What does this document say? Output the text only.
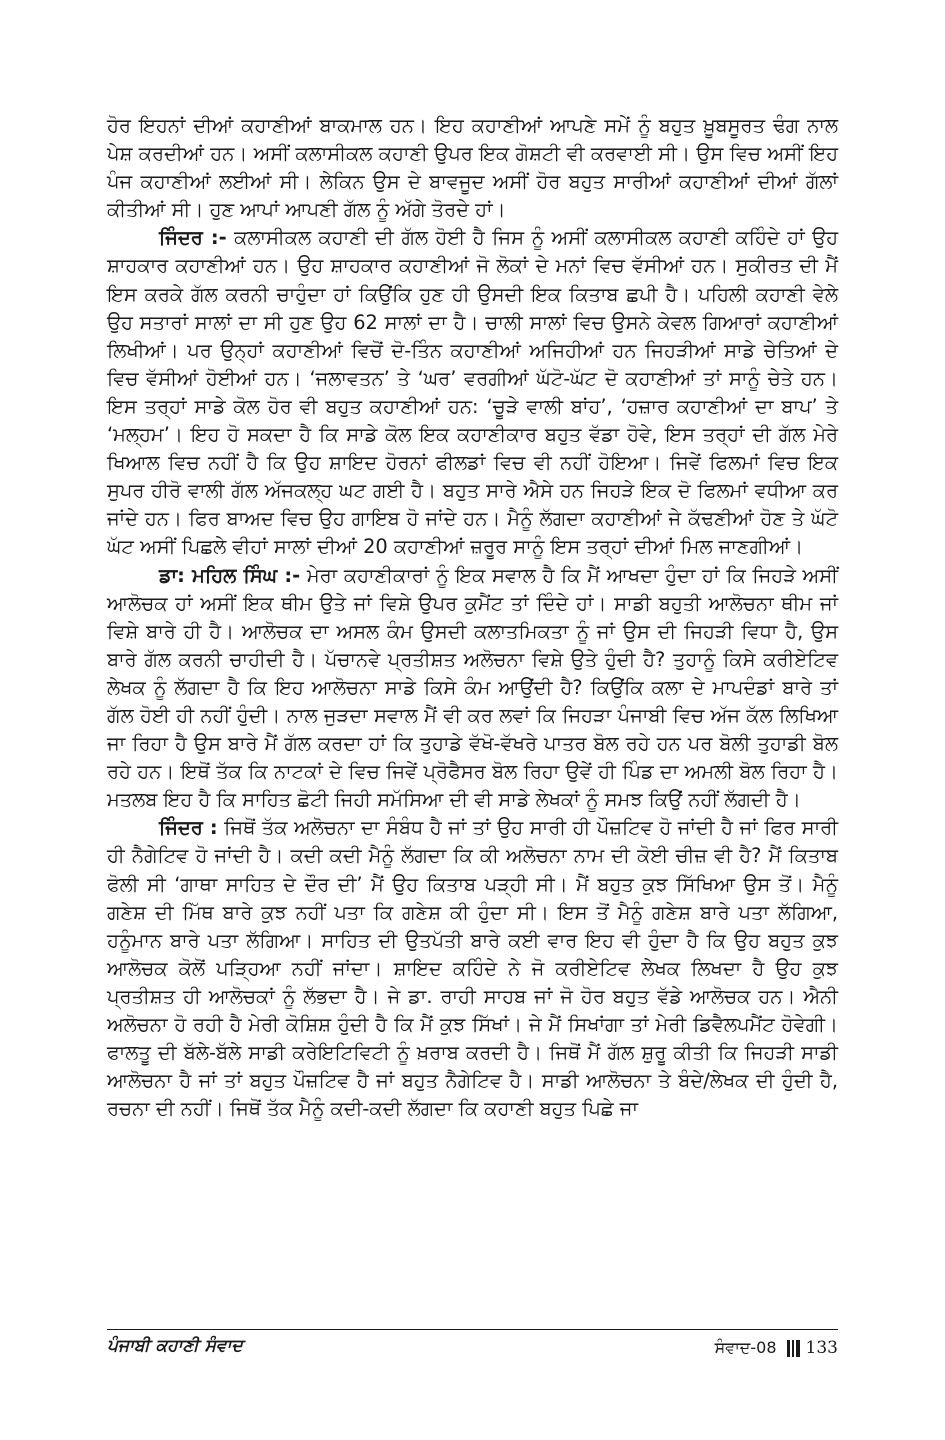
ਹੋਰ ਇਹਨਾਂ ਦੀਆਂ ਕਹਾਣੀਆਂ ਬਾਕਮਾਲ ਹਨ। ਇਹ ਕਹਾਣੀਆਂ ਆਪਣੇ ਸਮੇਂ ਨੂੰ ਬਹੁਤ ਖ਼ੂਬਸੂਰਤ ਢੰਗ ਨਾਲ ਪੇਸ਼ ਕਰਦੀਆਂ ਹਨ। ਅਸੀਂ ਕਲਾਸੀਕਲ ਕਹਾਣੀ ਉਪਰ ਇਕ ਗੋਸ਼ਟੀ ਵੀ ਕਰਵਾਈ ਸੀ। ਉਸ ਵਿਚ ਅਸੀਂ ਇਹ ਪੰਜ ਕਹਾਣੀਆਂ ਲਈਆਂ ਸੀ। ਲੇਕਿਨ ਉਸ ਦੇ ਬਾਵਜੂਦ ਅਸੀਂ ਹੋਰ ਬਹੁਤ ਸਾਰੀਆਂ ਕਹਾਣੀਆਂ ਦੀਆਂ ਗੱਲਾਂ ਕੀਤੀਆਂ ਸੀ। ਹੁਣ ਆਪਾਂ ਆਪਣੀ ਗੱਲ ਨੂੰ ਅੱਗੇ ਤੋਰਦੇ ਹਾਂ।

ਜਿੰਦਰ :- ਕਲਾਸੀਕਲ ਕਹਾਣੀ ਦੀ ਗੱਲ ਹੋਈ ਹੈ ਜਿਸ ਨੂੰ ਅਸੀਂ ਕਲਾਸੀਕਲ ਕਹਾਣੀ ਕਹਿੰਦੇ ਹਾਂ ਉਹ ਸ਼ਾਹਕਾਰ ਕਹਾਣੀਆਂ ਹਨ। ਉਹ ਸ਼ਾਹਕਾਰ ਕਹਾਣੀਆਂ ਜੋ ਲੋਕਾਂ ਦੇ ਮਨਾਂ ਵਿਚ ਵੱਸੀਆਂ ਹਨ। ਸੁਕੀਰਤ ਦੀ ਮੈਂ ਇਸ ਕਰਕੇ ਗੱਲ ਕਰਨੀ ਚਾਹੁੰਦਾ ਹਾਂ ਕਿਉਂਕਿ ਹੁਣ ਹੀ ਉਸਦੀ ਇਕ ਕਿਤਾਬ ਛਪੀ ਹੈ। ਪਹਿਲੀ ਕਹਾਣੀ ਵੇਲੇ ਉਹ ਸਤਾਰਾਂ ਸਾਲਾਂ ਦਾ ਸੀ ਹੁਣ ਉਹ 62 ਸਾਲਾਂ ਦਾ ਹੈ। ਚਾਲੀ ਸਾਲਾਂ ਵਿਚ ਉਸਨੇ ਕੇਵਲ ਗਿਆਰਾਂ ਕਹਾਣੀਆਂ ਲਿਖੀਆਂ। ਪਰ ਉਨ੍ਹਾਂ ਕਹਾਣੀਆਂ ਵਿਚੋਂ ਦੋ-ਤਿੰਨ ਕਹਾਣੀਆਂ ਅਜਿਹੀਆਂ ਹਨ ਜਿਹੜੀਆਂ ਸਾਡੇ ਚੇਤਿਆਂ ਦੇ ਵਿਚ ਵੱਸੀਆਂ ਹੋਈਆਂ ਹਨ। ‘ਜਲਾਵਤਨ’ ਤੇ ‘ਘਰ’ ਵਰਗੀਆਂ ਘੱਟੋ-ਘੱਟ ਦੋ ਕਹਾਣੀਆਂ ਤਾਂ ਸਾਨੂੰ ਚੇਤੇ ਹਨ। ਇਸ ਤਰ੍ਹਾਂ ਸਾਡੇ ਕੋਲ ਹੋਰ ਵੀ ਬਹੁਤ ਕਹਾਣੀਆਂ ਹਨ: ‘ਚੂੜੇ ਵਾਲੀ ਬਾਂਹ’, ‘ਹਜ਼ਾਰ ਕਹਾਣੀਆਂ ਦਾ ਬਾਪ’ ਤੇ ‘ਮਲ੍ਹਮ’। ਇਹ ਹੋ ਸਕਦਾ ਹੈ ਕਿ ਸਾਡੇ ਕੋਲ ਇਕ ਕਹਾਣੀਕਾਰ ਬਹੁਤ ਵੱਡਾ ਹੋਵੇ, ਇਸ ਤਰ੍ਹਾਂ ਦੀ ਗੱਲ ਮੇਰੇ ਖਿਆਲ ਵਿਚ ਨਹੀਂ ਹੈ ਕਿ ਉਹ ਸ਼ਾਇਦ ਹੋਰਨਾਂ ਫੀਲਡਾਂ ਵਿਚ ਵੀ ਨਹੀਂ ਹੋਇਆ। ਜਿਵੇਂ ਫਿਲਮਾਂ ਵਿਚ ਇਕ ਸੁਪਰ ਹੀਰੋ ਵਾਲੀ ਗੱਲ ਅੱਜਕਲ੍ਹ ਘਟ ਗਈ ਹੈ। ਬਹੁਤ ਸਾਰੇ ਐਸੇ ਹਨ ਜਿਹੜੇ ਇਕ ਦੋ ਫਿਲਮਾਂ ਵਧੀਆ ਕਰ ਜਾਂਦੇ ਹਨ। ਫਿਰ ਬਾਅਦ ਵਿਚ ਉਹ ਗਾਇਬ ਹੋ ਜਾਂਦੇ ਹਨ। ਮੈਨੂੰ ਲੱਗਦਾ ਕਹਾਣੀਆਂ ਜੇ ਕੱਢਣੀਆਂ ਹੋਣ ਤੇ ਘੱਟੋ ਘੱਟ ਅਸੀਂ ਪਿਛਲੇ ਵੀਹਾਂ ਸਾਲਾਂ ਦੀਆਂ 20 ਕਹਾਣੀਆਂ ਜ਼ਰੂਰ ਸਾਨੂੰ ਇਸ ਤਰ੍ਹਾਂ ਦੀਆਂ ਮਿਲ ਜਾਣਗੀਆਂ।

ਡਾ: ਮਹਿਲ ਸਿੰਘ :- ਮੇਰਾ ਕਹਾਣੀਕਾਰਾਂ ਨੂੰ ਇਕ ਸਵਾਲ ਹੈ ਕਿ ਮੈਂ ਆਖਦਾ ਹੁੰਦਾ ਹਾਂ ਕਿ ਜਿਹੜੇ ਅਸੀਂ ਆਲੋਚਕ ਹਾਂ ਅਸੀਂ ਇਕ ਥੀਮ ਉਤੇ ਜਾਂ ਵਿਸ਼ੇ ਉਪਰ ਕੁਮੈਂਟ ਤਾਂ ਦਿੰਦੇ ਹਾਂ। ਸਾਡੀ ਬਹੁਤੀ ਆਲੋਚਨਾ ਥੀਮ ਜਾਂ ਵਿਸ਼ੇ ਬਾਰੇ ਹੀ ਹੈ। ਆਲੋਚਕ ਦਾ ਅਸਲ ਕੰਮ ਉਸਦੀ ਕਲਾਤਮਿਕਤਾ ਨੂੰ ਜਾਂ ਉਸ ਦੀ ਜਿਹੜੀ ਵਿਧਾ ਹੈ, ਉਸ ਬਾਰੇ ਗੱਲ ਕਰਨੀ ਚਾਹੀਦੀ ਹੈ। ਪੱਚਾਨਵੇ ਪ੍ਰਤੀਸ਼ਤ ਅਲੋਚਨਾ ਵਿਸ਼ੇ ਉਤੇ ਹੁੰਦੀ ਹੈ? ਤੁਹਾਨੂੰ ਕਿਸੇ ਕਰੀਏਟਿਵ ਲੇਖਕ ਨੂੰ ਲੱਗਦਾ ਹੈ ਕਿ ਇਹ ਆਲੋਚਨਾ ਸਾਡੇ ਕਿਸੇ ਕੰਮ ਆਉਂਦੀ ਹੈ? ਕਿਉਂਕਿ ਕਲਾ ਦੇ ਮਾਪਦੰਡਾਂ ਬਾਰੇ ਤਾਂ ਗੱਲ ਹੋਈ ਹੀ ਨਹੀਂ ਹੁੰਦੀ। ਨਾਲ ਜੁੜਦਾ ਸਵਾਲ ਮੈਂ ਵੀ ਕਰ ਲਵਾਂ ਕਿ ਜਿਹੜਾ ਪੰਜਾਬੀ ਵਿਚ ਅੱਜ ਕੱਲ ਲਿਖਿਆ ਜਾ ਰਿਹਾ ਹੈ ਉਸ ਬਾਰੇ ਮੈਂ ਗੱਲ ਕਰਦਾ ਹਾਂ ਕਿ ਤੁਹਾਡੇ ਵੱਖੋ-ਵੱਖਰੇ ਪਾਤਰ ਬੋਲ ਰਹੇ ਹਨ ਪਰ ਬੋਲੀ ਤੁਹਾਡੀ ਬੋਲ ਰਹੇ ਹਨ। ਇਥੋਂ ਤੱਕ ਕਿ ਨਾਟਕਾਂ ਦੇ ਵਿਚ ਜਿਵੇਂ ਪ੍ਰੋਫੈਸਰ ਬੋਲ ਰਿਹਾ ਉਵੇਂ ਹੀ ਪਿੰਡ ਦਾ ਅਮਲੀ ਬੋਲ ਰਿਹਾ ਹੈ। ਮਤਲਬ ਇਹ ਹੈ ਕਿ ਸਾਹਿਤ ਛੋਟੀ ਜਿਹੀ ਸਮੱਸਿਆ ਦੀ ਵੀ ਸਾਡੇ ਲੇਖਕਾਂ ਨੂੰ ਸਮਝ ਕਿਉਂ ਨਹੀਂ ਲੱਗਦੀ ਹੈ।

ਜਿੰਦਰ : ਜਿਥੋਂ ਤੱਕ ਅਲੋਚਨਾ ਦਾ ਸੰਬੰਧ ਹੈ ਜਾਂ ਤਾਂ ਉਹ ਸਾਰੀ ਹੀ ਪੌਜ਼ਟਿਵ ਹੋ ਜਾਂਦੀ ਹੈ ਜਾਂ ਫਿਰ ਸਾਰੀ ਹੀ ਨੈਗੇਟਿਵ ਹੋ ਜਾਂਦੀ ਹੈ। ਕਦੀ ਕਦੀ ਮੈਨੂੰ ਲੱਗਦਾ ਕਿ ਕੀ ਅਲੋਚਨਾ ਨਾਮ ਦੀ ਕੋਈ ਚੀਜ਼ ਵੀ ਹੈ? ਮੈਂ ਕਿਤਾਬ ਫੋਲੀ ਸੀ ‘ਗਾਥਾ ਸਾਹਿਤ ਦੇ ਦੌਰ ਦੀ’ ਮੈਂ ਉਹ ਕਿਤਾਬ ਪੜ੍ਹੀ ਸੀ। ਮੈਂ ਬਹੁਤ ਕੁਝ ਸਿੱਖਿਆ ਉਸ ਤੋਂ। ਮੈਨੂੰ ਗਣੇਸ਼ ਦੀ ਮਿੱਥ ਬਾਰੇ ਕੁਝ ਨਹੀਂ ਪਤਾ ਕਿ ਗਣੇਸ਼ ਕੀ ਹੁੰਦਾ ਸੀ। ਇਸ ਤੋਂ ਮੈਨੂੰ ਗਣੇਸ਼ ਬਾਰੇ ਪਤਾ ਲੱਗਿਆ, ਹਨੂੰਮਾਨ ਬਾਰੇ ਪਤਾ ਲੱਗਿਆ। ਸਾਹਿਤ ਦੀ ਉਤਪੱਤੀ ਬਾਰੇ ਕਈ ਵਾਰ ਇਹ ਵੀ ਹੁੰਦਾ ਹੈ ਕਿ ਉਹ ਬਹੁਤ ਕੁਝ ਆਲੋਚਕ ਕੋਲੋਂ ਪੜ੍ਹਿਆ ਨਹੀਂ ਜਾਂਦਾ। ਸ਼ਾਇਦ ਕਹਿੰਦੇ ਨੇ ਜੋ ਕਰੀਏਟਿਵ ਲੇਖਕ ਲਿਖਦਾ ਹੈ ਉਹ ਕੁਝ ਪ੍ਰਤੀਸ਼ਤ ਹੀ ਆਲੋਚਕਾਂ ਨੂੰ ਲੱਭਦਾ ਹੈ। ਜੇ ਡਾ. ਰਾਹੀ ਸਾਹਬ ਜਾਂ ਜੋ ਹੋਰ ਬਹੁਤ ਵੱਡੇ ਆਲੋਚਕ ਹਨ। ਐਨੀ ਅਲੋਚਨਾ ਹੋ ਰਹੀ ਹੈ ਮੇਰੀ ਕੋਸ਼ਿਸ਼ ਹੁੰਦੀ ਹੈ ਕਿ ਮੈਂ ਕੁਝ ਸਿੱਖਾਂ। ਜੇ ਮੈਂ ਸਿਖਾਂਗਾ ਤਾਂ ਮੇਰੀ ਡਿਵੈਲਪਮੈਂਟ ਹੋਵੇਗੀ। ਫਾਲਤੂ ਦੀ ਬੱਲੇ-ਬੱਲੇ ਸਾਡੀ ਕਰੇਇਟਿਵਿਟੀ ਨੂੰ ਖ਼ਰਾਬ ਕਰਦੀ ਹੈ। ਜਿਥੋਂ ਮੈਂ ਗੱਲ ਸ਼ੁਰੂ ਕੀਤੀ ਕਿ ਜਿਹੜੀ ਸਾਡੀ ਆਲੋਚਨਾ ਹੈ ਜਾਂ ਤਾਂ ਬਹੁਤ ਪੌਜ਼ਟਿਵ ਹੈ ਜਾਂ ਬਹੁਤ ਨੈਗੇਟਿਵ ਹੈ। ਸਾਡੀ ਆਲੋਚਨਾ ਤੇ ਬੰਦੇ/ਲੇਖਕ ਦੀ ਹੁੰਦੀ ਹੈ, ਰਚਨਾ ਦੀ ਨਹੀਂ। ਜਿਥੋਂ ਤੱਕ ਮੈਨੂੰ ਕਦੀ-ਕਦੀ ਲੱਗਦਾ ਕਿ ਕਹਾਣੀ ਬਹੁਤ ਪਿਛੇ ਜਾ

ਪੰਜਾਬੀ ਕਹਾਣੀ ਸੰਵਾਦ	ਸੰਵਾਦ-08 133
